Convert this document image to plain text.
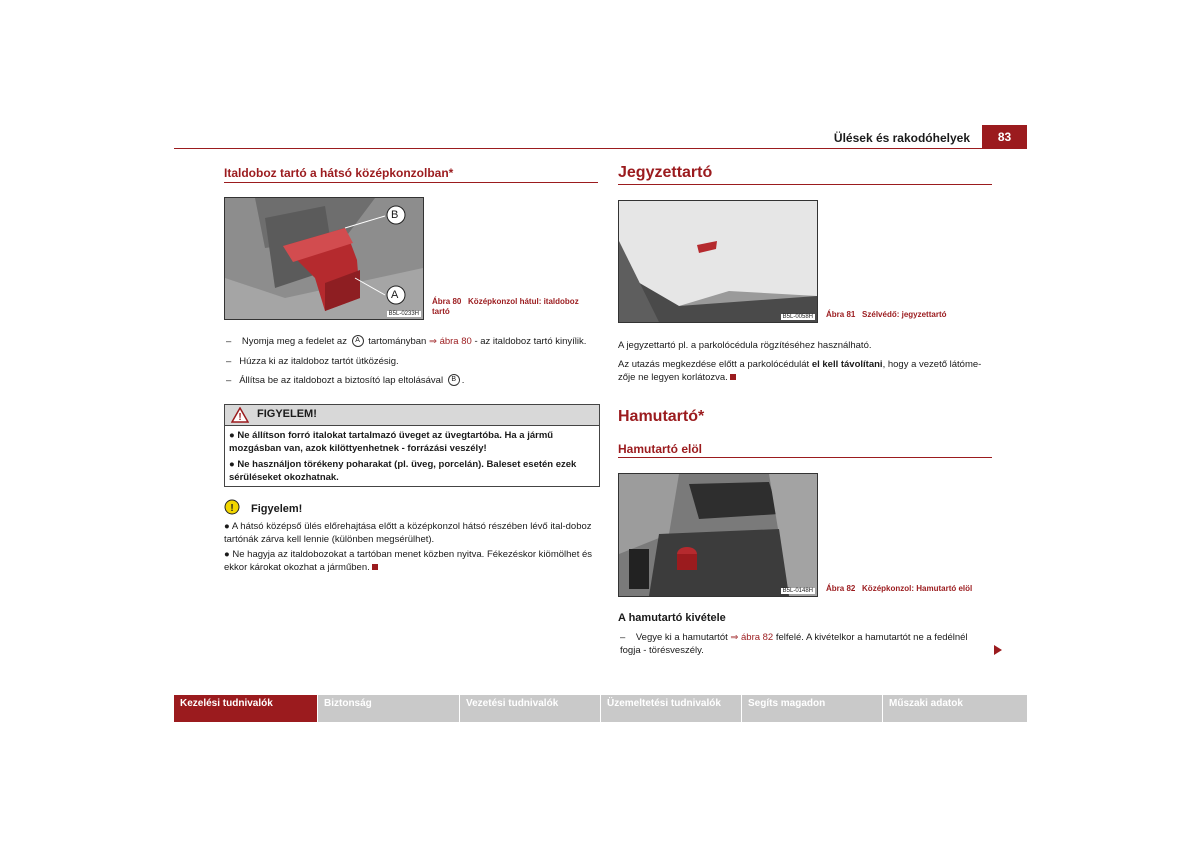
Ülések és rakodóhelyek	83
Italdoboz tartó a hátsó középkonzolban*
B
A
B5L-0233H
Ábra 80 Középkonzol hátul: italdoboz tartó
– Nyomja meg a fedelet az A tartományban ⇒ ábra 80 - az italdoboz tartó kinyílik.
– Húzza ki az italdoboz tartót ütközésig.
– Állítsa be az italdobozt a biztosító lap eltolásával B .
! FIGYELEM!
● Ne állítson forró italokat tartalmazó üveget az üvegtartóba. Ha a jármű mozgásban van, azok kilöttyenhetnek - forrázási veszély!
● Ne használjon törékeny poharakat (pl. üveg, porcelán). Baleset esetén ezek sérüléseket okozhatnak.
! Figyelem!
● A hátsó középső ülés előrehajtása előtt a középkonzol hátsó részében lévő ital-doboz tartónák zárva kell lennie (különben megsérülhet).
● Ne hagyja az italdobozokat a tartóban menet közben nyitva. Fékezéskor kiömölhet és ekkor károkat okozhat a járműben.
Jegyzettartó
B5L-0058H Ábra 81 Szélvédő: jegyzettartó
A jegyzettartó pl. a parkolócédula rögzítéséhez használható.
Az utazás megkezdése előtt a parkolócédulát el kell távolítani, hogy a vezető látóme-zője ne legyen korlátozva.
Hamutartó*
Hamutartó elöl
B5L-0148H Ábra 82 Középkonzol: Hamutartó elöl
A hamutartó kivétele
– Vegye ki a hamutartót ⇒ ábra 82 felfelé. A kivételkor a hamutartót ne a fedélnél fogja - törésveszély.
Kezelési tudnivalók	Biztonság	Vezetési tudnivalók	Üzemeltetési tudnivalók	Segíts magadon	Műszaki adatok
